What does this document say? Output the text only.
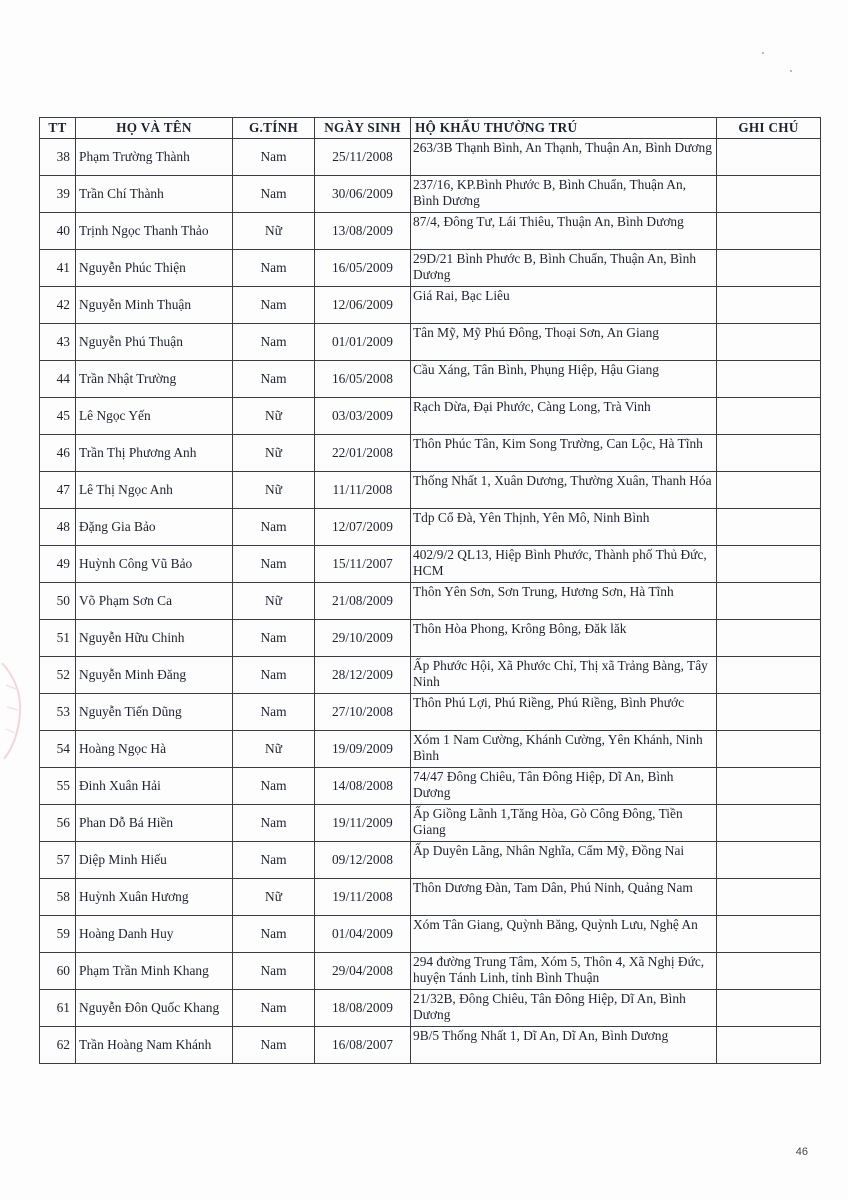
TT	HỌ VÀ TÊN	G.TÍNH	NGÀY SINH	HỘ KHẨU THƯỜNG TRÚ	GHI CHÚ
38	Phạm Trường Thành	Nam	25/11/2008	263/3B Thạnh Bình, An Thạnh, Thuận An, Bình Dương	
39	Trần Chí Thành	Nam	30/06/2009	237/16, KP.Bình Phước B, Bình Chuẩn, Thuận An, Bình Dương	
40	Trịnh Ngọc Thanh Thảo	Nữ	13/08/2009	87/4, Đông Tư, Lái Thiêu, Thuận An, Bình Dương	
41	Nguyễn Phúc Thiện	Nam	16/05/2009	29D/21 Bình Phước B, Bình Chuẩn, Thuận An, Bình Dương	
42	Nguyễn Minh Thuận	Nam	12/06/2009	Giá Rai, Bạc Liêu	
43	Nguyễn Phú Thuận	Nam	01/01/2009	Tân Mỹ, Mỹ Phú Đông, Thoại Sơn, An Giang	
44	Trần Nhật Trường	Nam	16/05/2008	Cầu Xáng, Tân Bình, Phụng Hiệp, Hậu Giang	
45	Lê Ngọc Yến	Nữ	03/03/2009	Rạch Dừa, Đại Phước, Càng Long, Trà Vinh	
46	Trần Thị Phương Anh	Nữ	22/01/2008	Thôn Phúc Tân, Kim Song Trường, Can Lộc, Hà Tĩnh	
47	Lê Thị Ngọc Anh	Nữ	11/11/2008	Thống Nhất 1, Xuân Dương, Thường Xuân, Thanh Hóa	
48	Đặng Gia Bảo	Nam	12/07/2009	Tdp Cổ Đà, Yên Thịnh, Yên Mô, Ninh Bình	
49	Huỳnh Công Vũ Bảo	Nam	15/11/2007	402/9/2 QL13, Hiệp Bình Phước, Thành phố Thủ Đức, HCM	
50	Võ Phạm Sơn Ca	Nữ	21/08/2009	Thôn Yên Sơn, Sơn Trung, Hương Sơn, Hà Tĩnh	
51	Nguyễn Hữu Chinh	Nam	29/10/2009	Thôn Hòa Phong, Krông Bông, Đăk lăk	
52	Nguyễn Minh Đăng	Nam	28/12/2009	Ấp Phước Hội, Xã Phước Chỉ, Thị xã Trảng Bàng, Tây Ninh	
53	Nguyễn Tiến Dũng	Nam	27/10/2008	Thôn Phú Lợi, Phú Riềng, Phú Riềng, Bình Phước	
54	Hoàng Ngọc Hà	Nữ	19/09/2009	Xóm 1 Nam Cường, Khánh Cường, Yên Khánh, Ninh Bình	
55	Đinh Xuân Hải	Nam	14/08/2008	74/47 Đông Chiêu, Tân Đông Hiệp, Dĩ An, Bình Dương	
56	Phan Dỗ Bá Hiền	Nam	19/11/2009	Ấp Giồng Lãnh 1,Tăng Hòa, Gò Công Đông, Tiền Giang	
57	Diệp Minh Hiếu	Nam	09/12/2008	Ấp Duyên Lãng, Nhân Nghĩa, Cẩm Mỹ, Đồng Nai	
58	Huỳnh Xuân Hương	Nữ	19/11/2008	Thôn Dương Đàn, Tam Dân, Phú Ninh, Quảng Nam	
59	Hoàng Danh Huy	Nam	01/04/2009	Xóm Tân Giang, Quỳnh Băng, Quỳnh Lưu, Nghệ An	
60	Phạm Trần Minh Khang	Nam	29/04/2008	294 đường Trung Tâm, Xóm 5, Thôn 4, Xã Nghị Đức, huyện Tánh Linh, tỉnh Bình Thuận	
61	Nguyễn Đôn Quốc Khang	Nam	18/08/2009	21/32B, Đông Chiêu, Tân Đông Hiệp, Dĩ An, Bình Dương	
62	Trần Hoàng Nam Khánh	Nam	16/08/2007	9B/5 Thống Nhất 1, Dĩ An, Dĩ An, Bình Dương	
46
